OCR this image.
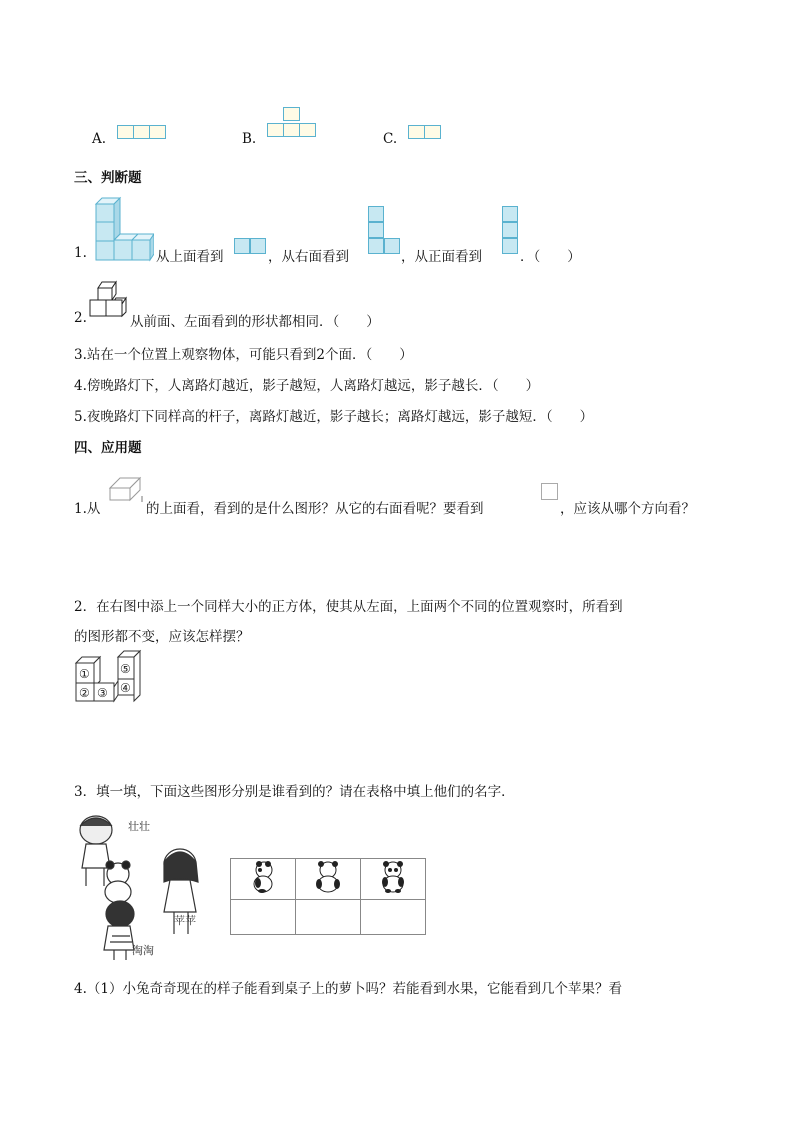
A.	B.	C.
三、判断题
1.	从上面看到	，从右面看到	，从正面看到	．（　　）
2.	从前面、左面看到的形状都相同．（　　）
3.站在一个位置上观察物体，可能只看到2个面．（　　）
4.傍晚路灯下，人离路灯越近，影子越短，人离路灯越远，影子越长．（　　）
5.夜晚路灯下同样高的杆子，离路灯越近，影子越长；离路灯越远，影子越短．（　　）
四、应用题
1.从	的上面看，看到的是什么图形？从它的右面看呢？要看到	，应该从哪个方向看？
2．在右图中添上一个同样大小的正方体，使其从左面，上面两个不同的位置观察时，所看到
的图形都不变，应该怎样摆？
①
② ③ ④
⑤
3．填一填，下面这些图形分别是谁看到的？请在表格中填上他们的名字．
壮壮
苹苹
淘淘

4.（1）小兔奇奇现在的样子能看到桌子上的萝卜吗？若能看到水果，它能看到几个苹果？看
